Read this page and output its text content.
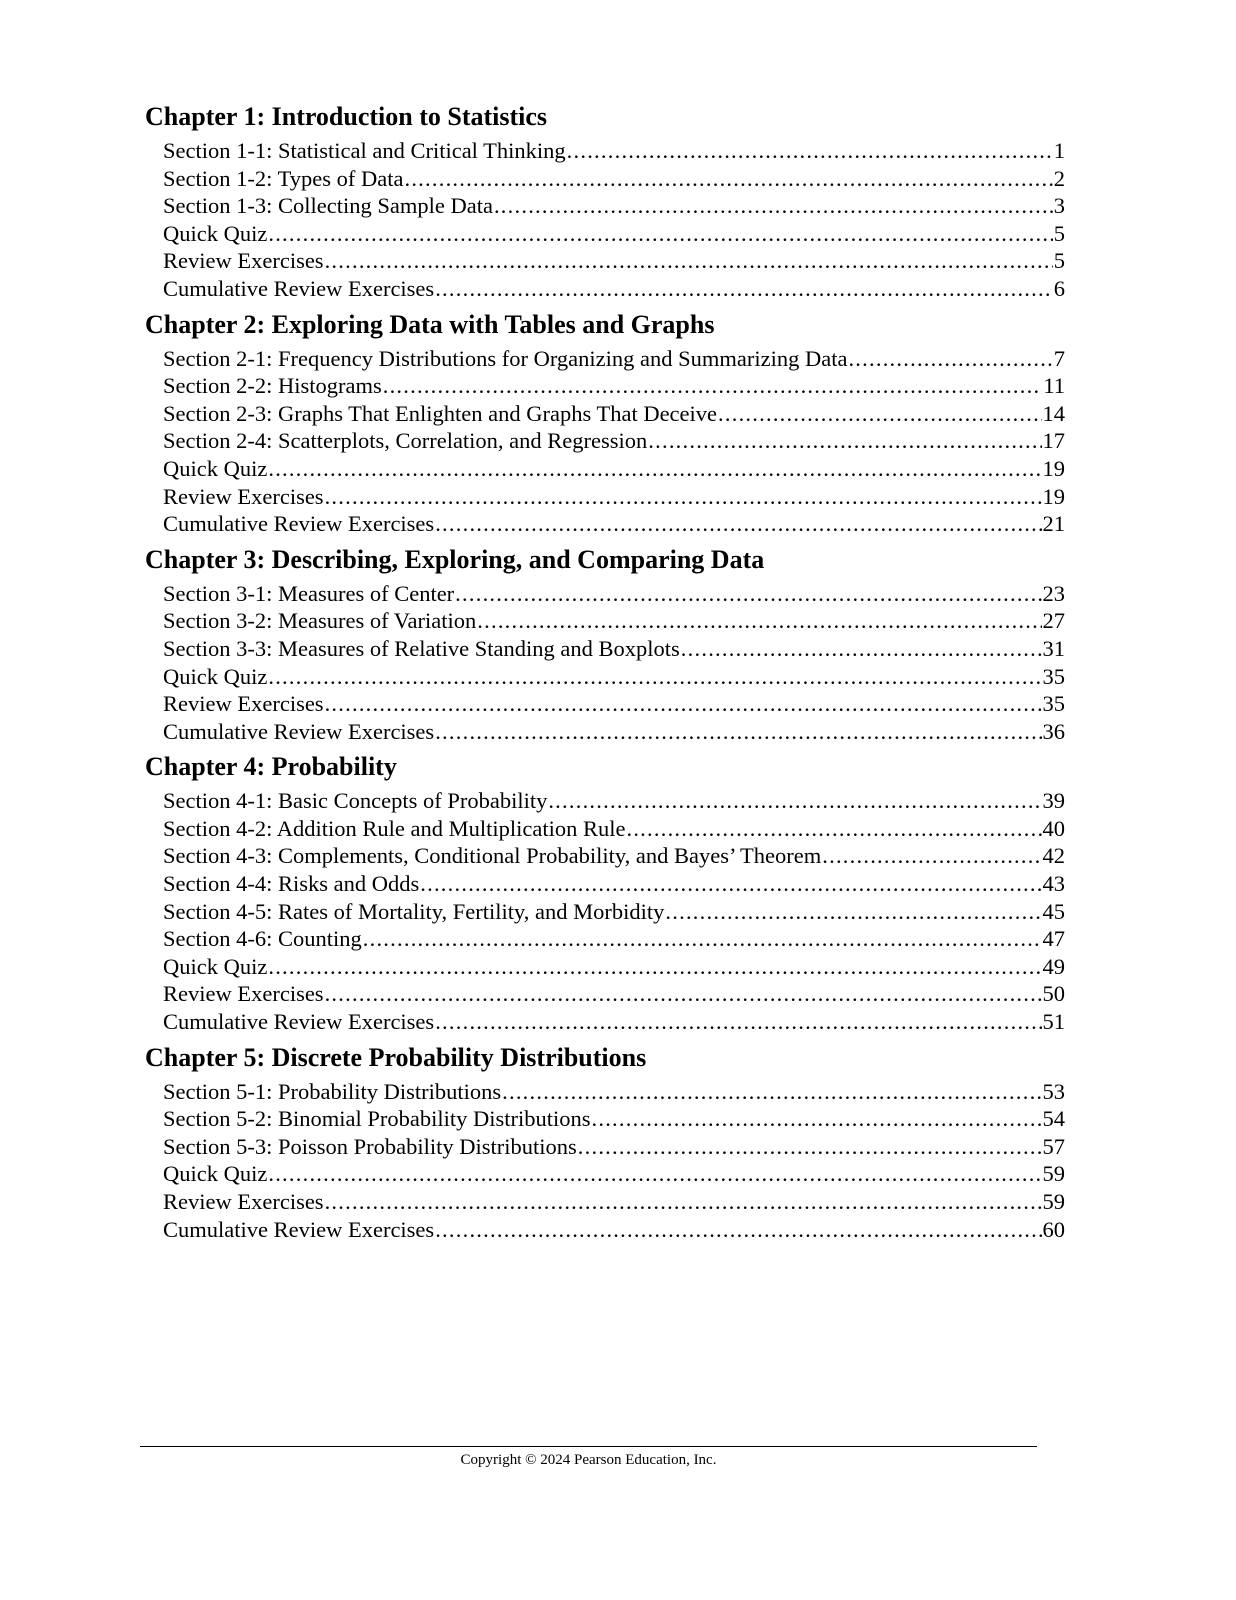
Chapter 1: Introduction to Statistics
Section 1-1: Statistical and Critical Thinking . . .	1
Section 1-2: Types of Data . . .	2
Section 1-3: Collecting Sample Data . . .	3
Quick Quiz . . .	5
Review Exercises . . .	5
Cumulative Review Exercises . . .	6
Chapter 2: Exploring Data with Tables and Graphs
Section 2-1: Frequency Distributions for Organizing and Summarizing Data . . .	7
Section 2-2: Histograms . . .	11
Section 2-3: Graphs That Enlighten and Graphs That Deceive . . .	14
Section 2-4: Scatterplots, Correlation, and Regression . . .	17
Quick Quiz . . .	19
Review Exercises . . .	19
Cumulative Review Exercises . . .	21
Chapter 3: Describing, Exploring, and Comparing Data
Section 3-1: Measures of Center . . .	23
Section 3-2: Measures of Variation . . .	27
Section 3-3: Measures of Relative Standing and Boxplots . . .	31
Quick Quiz . . .	35
Review Exercises . . .	35
Cumulative Review Exercises . . .	36
Chapter 4: Probability
Section 4-1: Basic Concepts of Probability . . .	39
Section 4-2: Addition Rule and Multiplication Rule . . .	40
Section 4-3: Complements, Conditional Probability, and Bayes’ Theorem . . .	42
Section 4-4: Risks and Odds . . .	43
Section 4-5: Rates of Mortality, Fertility, and Morbidity . . .	45
Section 4-6: Counting . . .	47
Quick Quiz . . .	49
Review Exercises . . .	50
Cumulative Review Exercises . . .	51
Chapter 5: Discrete Probability Distributions
Section 5-1: Probability Distributions . . .	53
Section 5-2: Binomial Probability Distributions . . .	54
Section 5-3: Poisson Probability Distributions . . .	57
Quick Quiz . . .	59
Review Exercises . . .	59
Cumulative Review Exercises . . .	60
Copyright © 2024 Pearson Education, Inc.
